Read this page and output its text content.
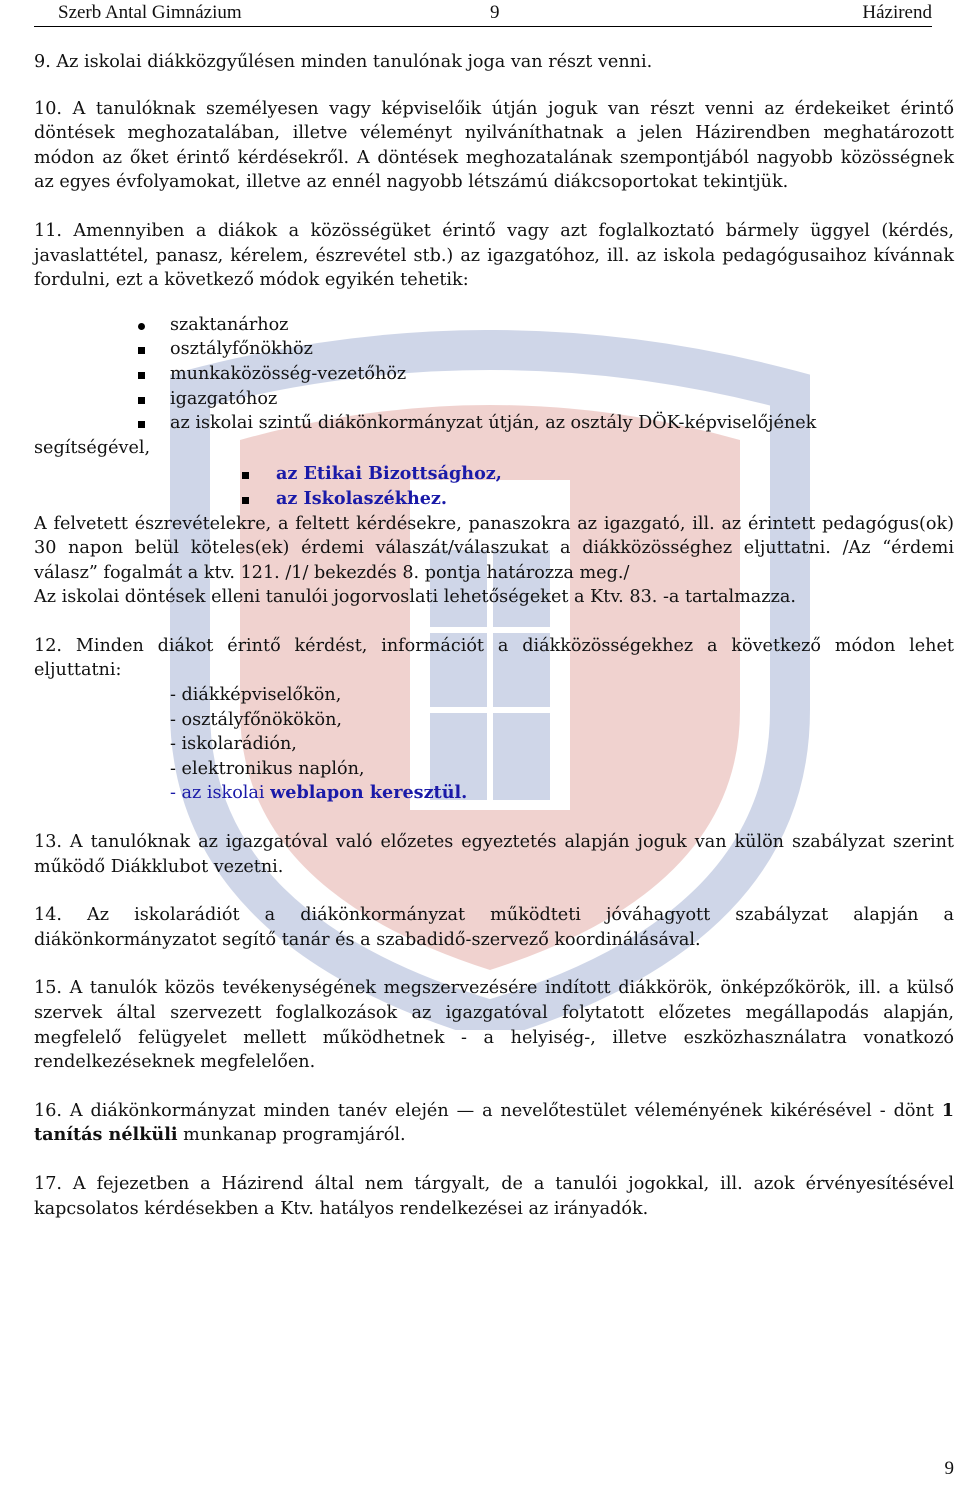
Szerb Antal Gimnázium	9	Házirend

9. Az iskolai diákközgyűlésen minden tanulónak joga van részt venni.

10. A tanulóknak személyesen vagy képviselőik útján joguk van részt venni az érdekeiket érintő döntések meghozatalában, illetve véleményt nyilváníthatnak a jelen Házirendben meghatározott módon az őket érintő kérdésekről. A döntések meghozatalának szempontjából nagyobb közösségnek az egyes évfolyamokat, illetve az ennél nagyobb létszámú diákcsoportokat tekintjük.

11. Amennyiben a diákok a közösségüket érintő vagy azt foglalkoztató bármely üggyel (kérdés, javaslattétel, panasz, kérelem, észrevétel stb.) az igazgatóhoz, ill. az iskola pedagógusaihoz kívánnak fordulni, ezt a következő módok egyikén tehetik:

szaktanárhoz
osztályfőnökhöz
munkaközösség-vezetőhöz
igazgatóhoz
az iskolai szintű diákönkormányzat útján, az osztály DÖK-képviselőjének
segítségével,
az Etikai Bizottsághoz,
az Iskolaszékhez.

A felvetett észrevételekre, a feltett kérdésekre, panaszokra az igazgató, ill. az érintett pedagógus(ok) 30 napon belül köteles(ek) érdemi válaszát/válaszukat a diákközösséghez eljuttatni. /Az “érdemi válasz” fogalmát a ktv. 121. /1/ bekezdés 8. pontja határozza meg./

Az iskolai döntések elleni tanulói jogorvoslati lehetőségeket a Ktv. 83. -a tartalmazza.

12. Minden diákot érintő kérdést, információt a diákközösségekhez a következő módon lehet eljuttatni:

- diákképviselőkön,
- osztályfőnökökön,
- iskolarádión,
- elektronikus naplón,
- az iskolai weblapon keresztül.

13. A tanulóknak az igazgatóval való előzetes egyeztetés alapján joguk van külön szabályzat szerint működő Diákklubot vezetni.

14. Az iskolarádiót a diákönkormányzat működteti jóváhagyott szabályzat alapján a diákönkormányzatot segítő tanár és a szabadidő-szervező koordinálásával.

15. A tanulók közös tevékenységének megszervezésére indított diákkörök, önképzőkörök, ill. a külső szervek által szervezett foglalkozások az igazgatóval folytatott előzetes megállapodás alapján, megfelelő felügyelet mellett működhetnek - a helyiség-, illetve eszközhasználatra vonatkozó rendelkezéseknek megfelelően.

16. A diákönkormányzat minden tanév elején — a nevelőtestület véleményének kikérésével - dönt 1 tanítás nélküli munkanap programjáról.

17. A fejezetben a Házirend által nem tárgyalt, de a tanulói jogokkal, ill. azok érvényesítésével kapcsolatos kérdésekben a Ktv. hatályos rendelkezései az irányadók.

9
